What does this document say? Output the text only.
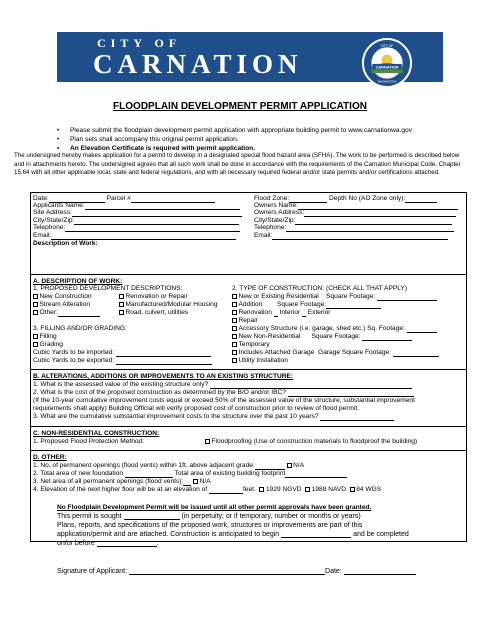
CITY OF
CARNATION	CARNATION
CITY OF
WASHINGTON
FLOODPLAIN DEVELOPMENT PERMIT APPLICATION
• Please submit the floodplain development permit application with appropriate building permit to www.carnationwa.gov
• Plan sets shall accompany this original permit application.
• An Elevation Certificate is required with permit application.
The undersigned hereby makes application for a permit to develop in a designated special flood hazard area (SFHA). The work to be performed is described below and in attachments hereto. The undersigned agrees that all such work shall be done in accordance with the requirements of the Carnation Municipal Code, Chapter 15.64 with all other applicable local, state and federal regulations, and with all necessary required federal and/or state permits and/or certifications attached.
Date:	Parcel #
Applicants Name:
Site Address:
City/State/Zip:
Telephone:
Email:
Description of Work:
Flood Zone:	Depth No (AO Zone only):
Owners Name:
Owners Address:
City/State/Zip:
Telephone:
Email:
A. DESCRIPTION OF WORK:
1. PROPOSED DEVELOPMENT DESCRIPTIONS:
New Construction	Renovation or Repair
Stream Alteration	Manufactured/Modular Housing
Other:	Road, culvert, utilities
3. FILLING AND/OR GRADING:
Filling
Grading
Cubic Yards to be imported:
Cubic Yards to be exported:
2. TYPE OF CONSTRUCTION: (CHECK ALL THAT APPLY)
New or Existing Residential Square Footage:
Addition Square Footage:
Renovation Interior Exterior
Repair
Accessory Structure (i.e. garage, shed etc.) Sq. Footage:
New Non-Residential Square Footage:
Temporary
Includes Attached Garage Garage Square Footage:
Utility Installation
B. ALTERATIONS, ADDITIONS OR IMPROVEMENTS TO AN EXISTING STRUCTURE:
1. What is the assessed value of the existing structure only?
2. What is the cost of the proposed construction as determined by the B/O and/or IBC?
(If the 10-year cumulative improvement costs equal or exceed 50% of the assessed value of the structure, substantial improvement
requirements shall apply) Building Official will verify proposed cost of construction prior to review of flood permit.
3. What are the cumulative substantial improvement costs to the structure over the past 10 years?
C. NON-RESIDENTIAL CONSTRUCTION:
1. Proposed Flood Protection Method:	Floodproofing (Use of construction materials to floodproof the building)
D. OTHER:
1. No. of permanent openings (flood vents) within 1ft. above adjacent grade:	N/A
2. Total area of new foundation	Total area of existing building footprint
3. Net area of all permanent openings (flood vents): N/A
4. Elevation of the next higher floor will be at an elevation of	feet. 1929 NGVD 1988 NAVD 84 WGS
No Floodplain Development Permit will be issued until all other permit approvals have been granted.
This permit is sought	(in perpetuity; or if temporary, number or months or years)
Plans, reports, and specifications of the proposed work, structures or improvements are part of this
application/permit and are attached. Construction is anticipated to begin	and be completed
on/or before	.
Signature of Applicant:	Date:
